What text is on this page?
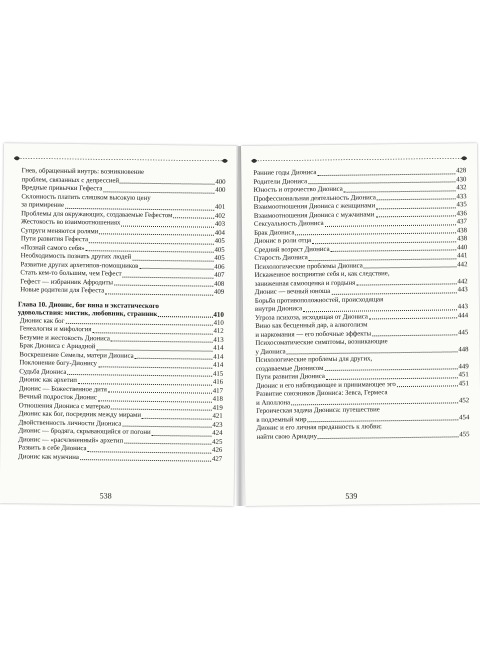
Гнев, обращенный внутрь: возникновение
проблем, связанных с депрессией	400
Вредные привычки Гефеста	400
Склонность платить слишком высокую цену
за примирение	401
Проблемы для окружающих, создаваемые Гефестом	402
Жестокость во взаимоотношениях	403
Супруги меняются ролями	404
Пути развития Гефеста	405
«Познай самого себя»	405
Необходимость познать других людей	405
Развитие других архетипов-помощников	406
Стать кем-то большим, чем Гефест	407
Гефест — избранник Афродиты	408
Новые родители для Гефеста	409
Глава 10. Дионис, бог вина и экстатического
удовольствия: мистик, любовник, странник	410
Дионис как бог	410
Генеалогия и мифология	412
Безумие и жестокость Диониса	413
Брак Диониса с Ариадной	414
Воскрешение Семелы, матери Диониса	414
Поклонение богу-Дионису	414
Судьба Диониса	415
Дионис как архетип	416
Дионис — Божественное дитя	417
Вечный подросток Дионис	418
Отношения Диониса с матерью	419
Дионис как бог, посредник между мирами	421
Двойственность личности Диониса	423
Дионис — бродяга, скрывающийся от погони	424
Дионис — «расчлененный» архетип	425
Развить в себе Диониса	426
Дионис как мужчина	427
538
Ранние годы Диониса	428
Родители Диониса	430
Юность и отрочество Диониса	432
Профессиональная деятельность Диониса	433
Взаимоотношения Диониса с женщинами	435
Взаимоотношения Диониса с мужчинами	436
Сексуальность Диониса	437
Брак Диониса	438
Дионис в роли отца	438
Средний возраст Диониса	440
Старость Диониса	441
Психологические проблемы Диониса	442
Искаженное восприятие себя и, как следствие,
заниженная самооценка и гордыня	442
Дионис — вечный юноша	443
Борьба противоположностей, происходящая
внутри Диониса	443
Угроза психоза, исходящая от Диониса	444
Вино как бесценный дар, а алкоголизм
и наркомания — его побочные эффекты	445
Психосоматические симптомы, возникающие
у Диониса	448
Психологические проблемы для других,
создаваемые Дионисом	449
Пути развития Диониса	451
Дионис и его наблюдающее и принимающее эго	451
Развитие союзников Диониса: Зевса, Гермеса
и Аполлона	452
Героическая задача Диониса: путешествие
в подземный мир	454
Дионис и его личная преданность к любви:
найти свою Ариадну	455
539
